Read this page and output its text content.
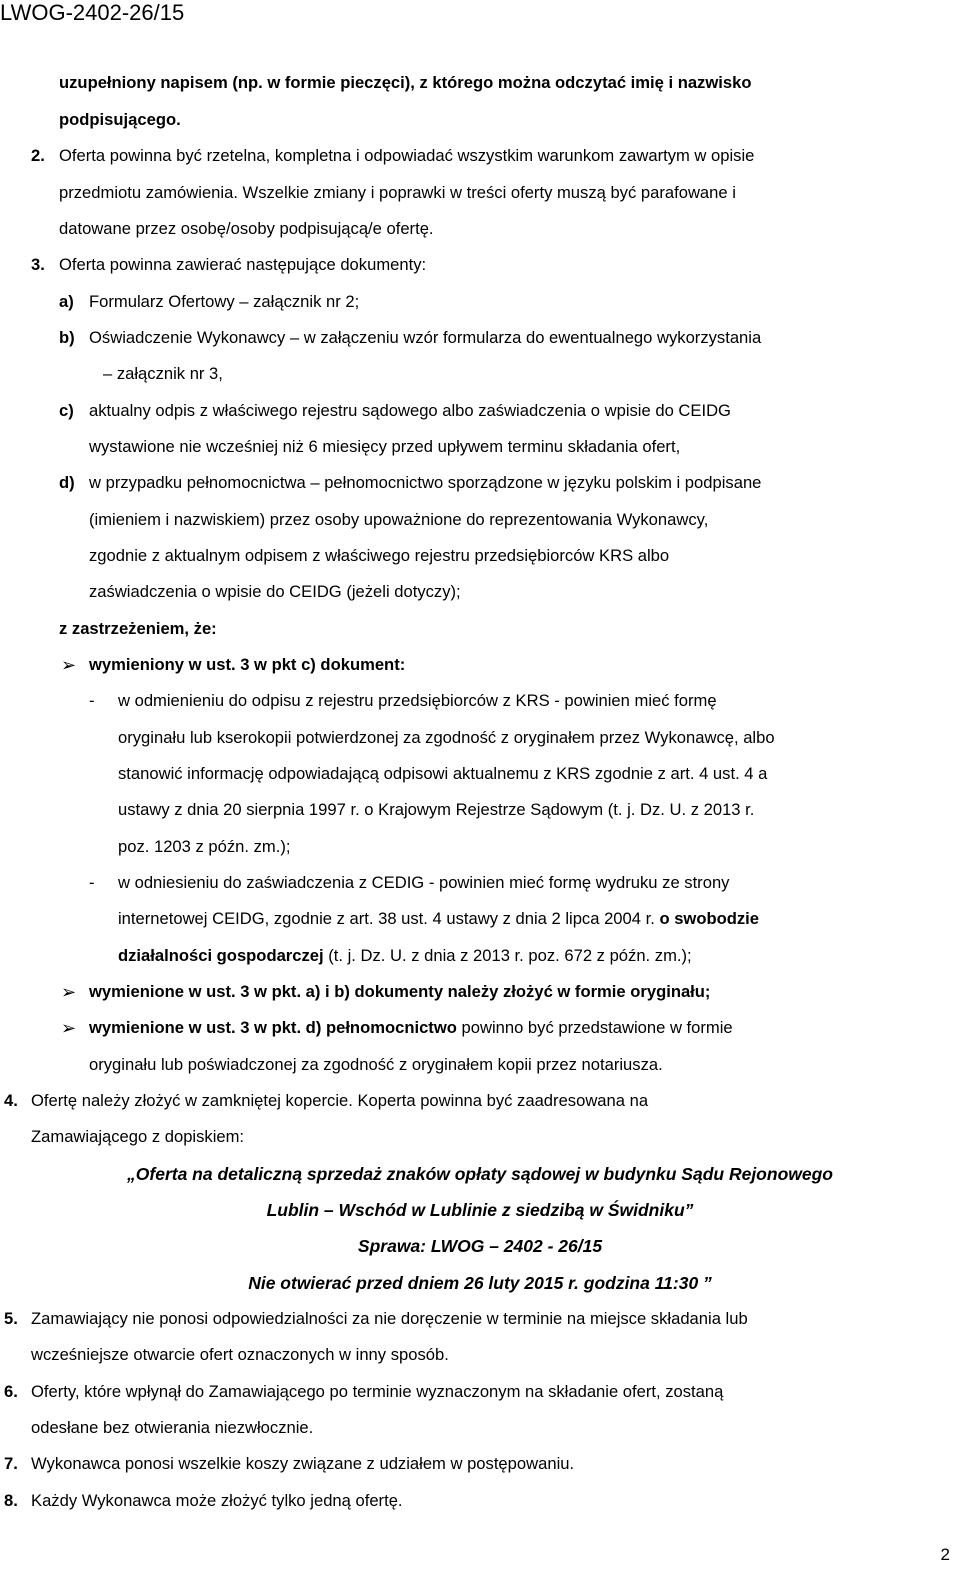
LWOG-2402-26/15
uzupełniony napisem (np. w formie pieczęci), z którego można odczytać imię i nazwisko
podpisującego.
2. Oferta powinna być rzetelna, kompletna i odpowiadać wszystkim warunkom zawartym w opisie
przedmiotu zamówienia. Wszelkie zmiany i poprawki w treści oferty muszą być parafowane i
datowane przez osobę/osoby podpisującą/e ofertę.
3. Oferta powinna zawierać następujące dokumenty:
a) Formularz Ofertowy – załącznik nr 2;
b) Oświadczenie Wykonawcy – w załączeniu wzór formularza do ewentualnego wykorzystania
– załącznik nr 3,
c) aktualny odpis z właściwego rejestru sądowego albo zaświadczenia o wpisie do CEIDG
wystawione nie wcześniej niż 6 miesięcy przed upływem terminu składania ofert,
d) w przypadku pełnomocnictwa – pełnomocnictwo sporządzone w języku polskim i podpisane
(imieniem i nazwiskiem) przez osoby upoważnione do reprezentowania Wykonawcy,
zgodnie z aktualnym odpisem z właściwego rejestru przedsiębiorców KRS albo
zaświadczenia o wpisie do CEIDG (jeżeli dotyczy);
z zastrzeżeniem, że:
➢ wymieniony w ust. 3 w pkt c) dokument:
- w odmienieniu do odpisu z rejestru przedsiębiorców z KRS - powinien mieć formę
oryginału lub kserokopii potwierdzonej za zgodność z oryginałem przez Wykonawcę, albo
stanowić informację odpowiadającą odpisowi aktualnemu z KRS zgodnie z art. 4 ust. 4 a
ustawy z dnia 20 sierpnia 1997 r. o Krajowym Rejestrze Sądowym (t. j. Dz. U. z 2013 r.
poz. 1203 z późn. zm.);
- w odniesieniu do zaświadczenia z CEDIG - powinien mieć formę wydruku ze strony
internetowej CEIDG, zgodnie z art. 38 ust. 4 ustawy z dnia 2 lipca 2004 r. o swobodzie
działalności gospodarczej (t. j. Dz. U. z dnia z 2013 r. poz. 672 z późn. zm.);
➢ wymienione w ust. 3 w pkt. a) i b) dokumenty należy złożyć w formie oryginału;
➢ wymienione w ust. 3 w pkt. d) pełnomocnictwo powinno być przedstawione w formie
oryginału lub poświadczonej za zgodność z oryginałem kopii przez notariusza.
4. Ofertę należy złożyć w zamkniętej kopercie. Koperta powinna być zaadresowana na
Zamawiającego z dopiskiem:
„Oferta na detaliczną sprzedaż znaków opłaty sądowej w budynku Sądu Rejonowego
Lublin – Wschód w Lublinie z siedzibą w Świdniku”
Sprawa: LWOG – 2402 - 26/15
Nie otwierać przed dniem 26 luty 2015 r. godzina 11:30 ”
5. Zamawiający nie ponosi odpowiedzialności za nie doręczenie w terminie na miejsce składania lub
wcześniejsze otwarcie ofert oznaczonych w inny sposób.
6. Oferty, które wpłynął do Zamawiającego po terminie wyznaczonym na składanie ofert, zostaną
odesłane bez otwierania niezwłocznie.
7. Wykonawca ponosi wszelkie koszy związane z udziałem w postępowaniu.
8. Każdy Wykonawca może złożyć tylko jedną ofertę.
2
